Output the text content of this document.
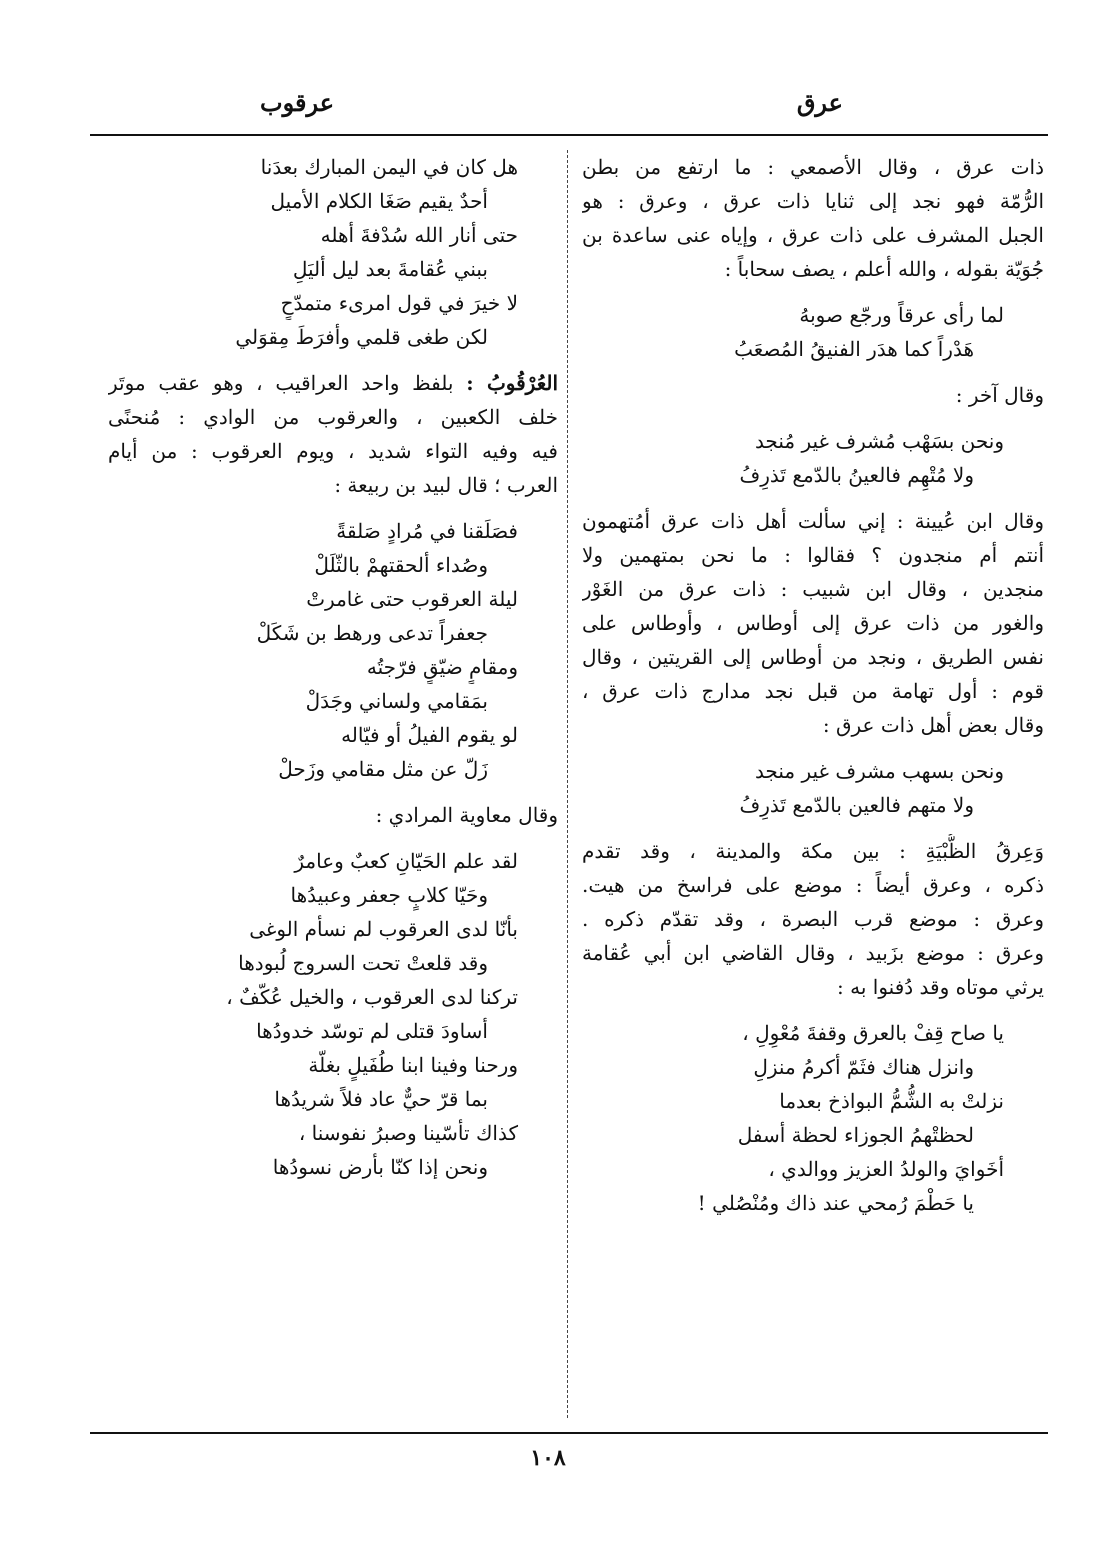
عرق
عرقوب
ذات عرق ، وقال الأصمعي : ما ارتفع من بطن
الرُّمّة فهو نجد إلى ثنايا ذات عرق ، وعرق : هو
الجبل المشرف على ذات عرق ، وإياه عنى ساعدة بن
جُوَيّة بقوله ، والله أعلم ، يصف سحاباً :
لما رأى عرقاً ورجّع صوبهُ
هَدْراً كما هدَر الفنيقُ المُصعَبُ
وقال آخر :
ونحن بسَهْب مُشرف غير مُنجد
ولا مُتْهِم فالعينُ بالدّمع تَذرِفُ
وقال ابن عُيينة : إني سألت أهل ذات عرق أمُتهمون
أنتم أم منجدون ؟ فقالوا : ما نحن بمتهمين ولا
منجدين ، وقال ابن شبيب : ذات عرق من الغَوْر
والغور من ذات عرق إلى أوطاس ، وأوطاس على
نفس الطريق ، ونجد من أوطاس إلى القريتين ، وقال
قوم : أول تهامة من قبل نجد مدارج ذات عرق ،
وقال بعض أهل ذات عرق :
ونحن بسهب مشرف غير منجد
ولا متهم فالعين بالدّمع تَذرِفُ
وَعِرقُ الظُّبْيَةِ : بين مكة والمدينة ، وقد تقدم
ذكره ، وعرق أيضاً : موضع على فراسخ من هيت.
وعرق : موضع قرب البصرة ، وقد تقدّم ذكره .
وعرق : موضع بزَبيد ، وقال القاضي ابن أبي عُقامة
يرثي موتاه وقد دُفنوا به :
يا صاح قِفْ بالعرق وقفةَ مُعْوِلِ ،
وانزل هناك فثَمّ أكرمُ منزلِ
نزلتْ به الشُّمُّ البواذخ بعدما
لحظتْهمُ الجوزاء لحظة أسفل
أخَوايَ والولدُ العزيز ووالدي ،
يا حَطْمَ رُمحي عند ذاك ومُنْصُلي !
هل كان في اليمن المبارك بعدَنا
أحدٌ يقيم صَغَا الكلام الأميل
حتى أنار الله سُدْفةَ أهله
ببني عُقامةَ بعد ليل أليَلِ
لا خيرَ في قول امرىء متمدّحٍ
لكن طغى قلمي وأفرَطَ مِقوَلي
العُرْقُوبُ : بلفظ واحد العراقيب ، وهو عقب موتَر
خلف الكعبين ، والعرقوب من الوادي : مُنحنًى
فيه وفيه التواء شديد ، ويوم العرقوب : من أيام
العرب ؛ قال لبيد بن ربيعة :
فصَلَقنا في مُرادٍ صَلقةً
وصُداء ألحقتهمْ بالثّلَلْ
ليلة العرقوب حتى غامرتْ
جعفراً تدعى ورهط بن شَكَلْ
ومقامٍ ضيّقٍ فرّجتُه
بمَقامي ولساني وجَدَلْ
لو يقوم الفيلُ أو فيّاله
زَلّ عن مثل مقامي وزَحلْ
وقال معاوية المرادي :
لقد علم الحَيّانِ كعبٌ وعامرٌ
وحَيّا كلابٍ جعفر وعبيدُها
بأنّا لدى العرقوب لم نسأم الوغى
وقد قلعتْ تحت السروج لُبودها
تركنا لدى العرقوب ، والخيل عُكّفٌ ،
أساودَ قتلى لم توسّد خدودُها
ورحنا وفينا ابنا طُفَيلٍ بغلّة
بما قرّ حيٌّ عاد فلاً شريدُها
كذاك تأسّينا وصبرُ نفوسنا ،
ونحن إذا كنّا بأرض نسودُها
١٠٨
